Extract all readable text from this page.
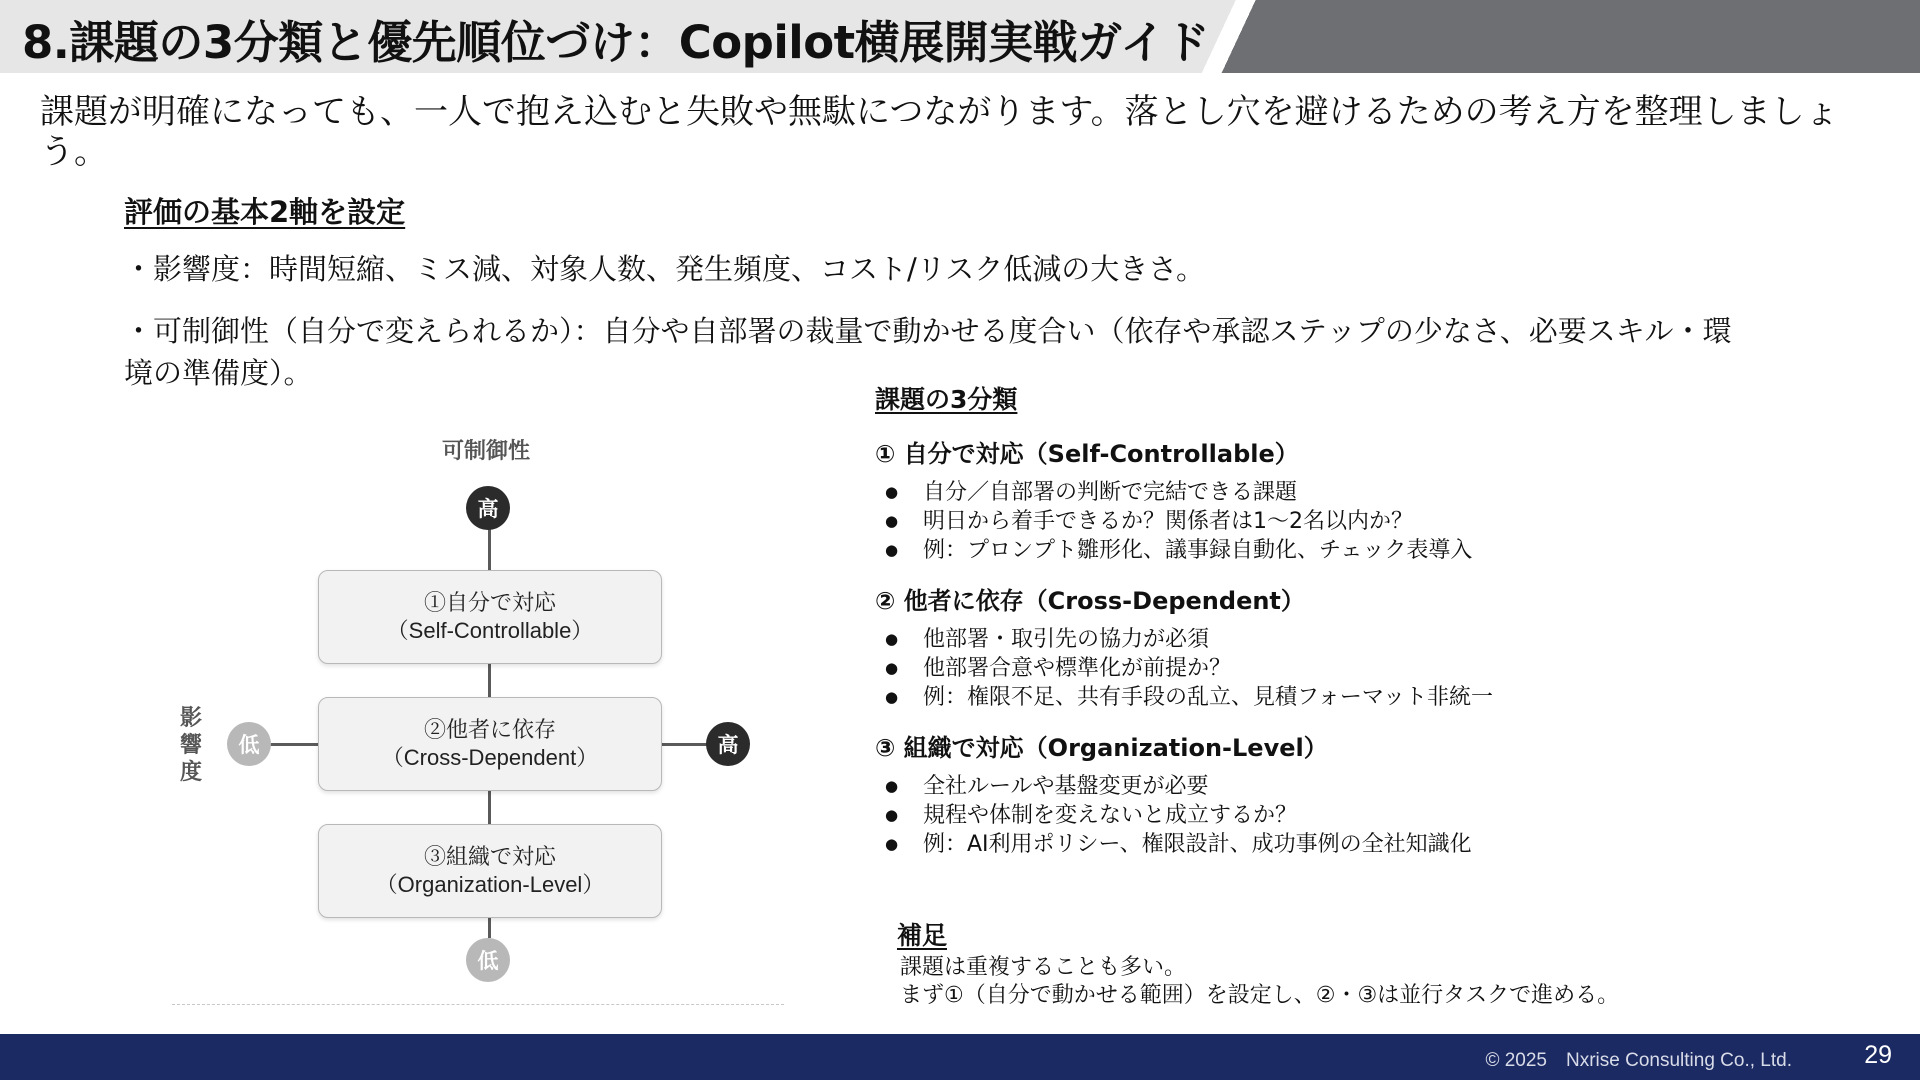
8.課題の3分類と優先順位づけ：Copilot横展開実戦ガイド
課題が明確になっても、一人で抱え込むと失敗や無駄につながります。落とし穴を避けるための考え方を整理しましょう。
評価の基本2軸を設定
・影響度：時間短縮、ミス減、対象人数、発生頻度、コスト/リスク低減の大きさ。
・可制御性（自分で変えられるか）：自分や自部署の裁量で動かせる度合い（依存や承認ステップの少なさ、必要スキル・環境の準備度）。
可制御性
高
低	高
低
影響度
①自分で対応
（Self-Controllable）
②他者に依存
（Cross-Dependent）
③組織で対応
（Organization-Level）
課題の3分類
① 自分で対応（Self-Controllable）
● 自分／自部署の判断で完結できる課題
● 明日から着手できるか？関係者は1～2名以内か？
● 例：プロンプト雛形化、議事録自動化、チェック表導入
② 他者に依存（Cross-Dependent）
● 他部署・取引先の協力が必須
● 他部署合意や標準化が前提か？
● 例：権限不足、共有手段の乱立、見積フォーマット非統一
③ 組織で対応（Organization-Level）
● 全社ルールや基盤変更が必要
● 規程や体制を変えないと成立するか？
● 例：AI利用ポリシー、権限設計、成功事例の全社知識化
補足
課題は重複することも多い。
まず①（自分で動かせる範囲）を設定し、②・③は並行タスクで進める。
© 2025　Nxrise Consulting Co., Ltd.	29
